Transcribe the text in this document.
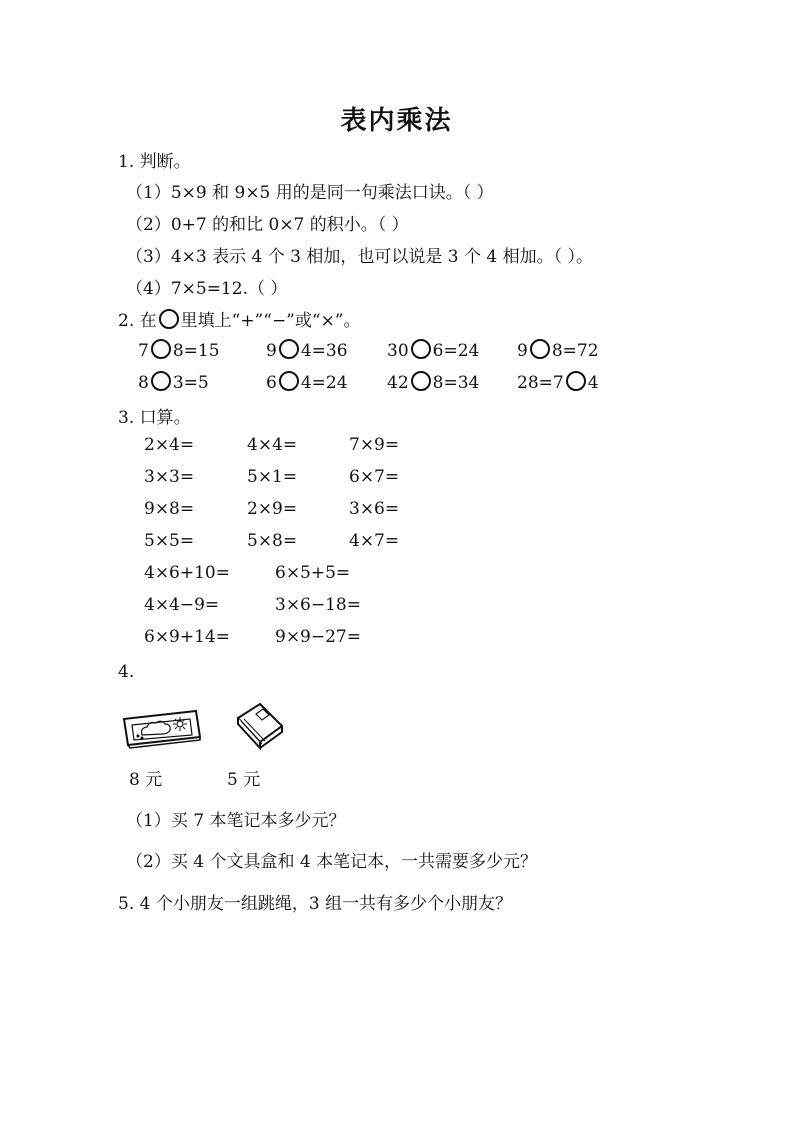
表内乘法
1. 判断。
（1）5×9 和 9×5 用的是同一句乘法口诀。（ ）
（2）0+7 的和比 0×7 的积小。（ ）
（3）4×3 表示 4 个 3 相加，也可以说是 3 个 4 相加。（ ）。
（4）7×5=12.（ ）
2. 在 里填上“+”“−”或“×”。
7 8=15	9 4=36 30 6=24 9 8=72
8 3=5	6 4=24 42 8=34 28=7 4
3. 口算。
2×4=	4×4=	7×9=
3×3=	5×1=	6×7=
9×8=	2×9=	3×6=
5×5=	5×8=	4×7=
4×6+10=	6×5+5=
4×4−9=	3×6−18=
6×9+14=	9×9−27=
4.
8 元	5 元
（1）买 7 本笔记本多少元？
（2）买 4 个文具盒和 4 本笔记本，一共需要多少元？
5. 4 个小朋友一组跳绳，3 组一共有多少个小朋友？
